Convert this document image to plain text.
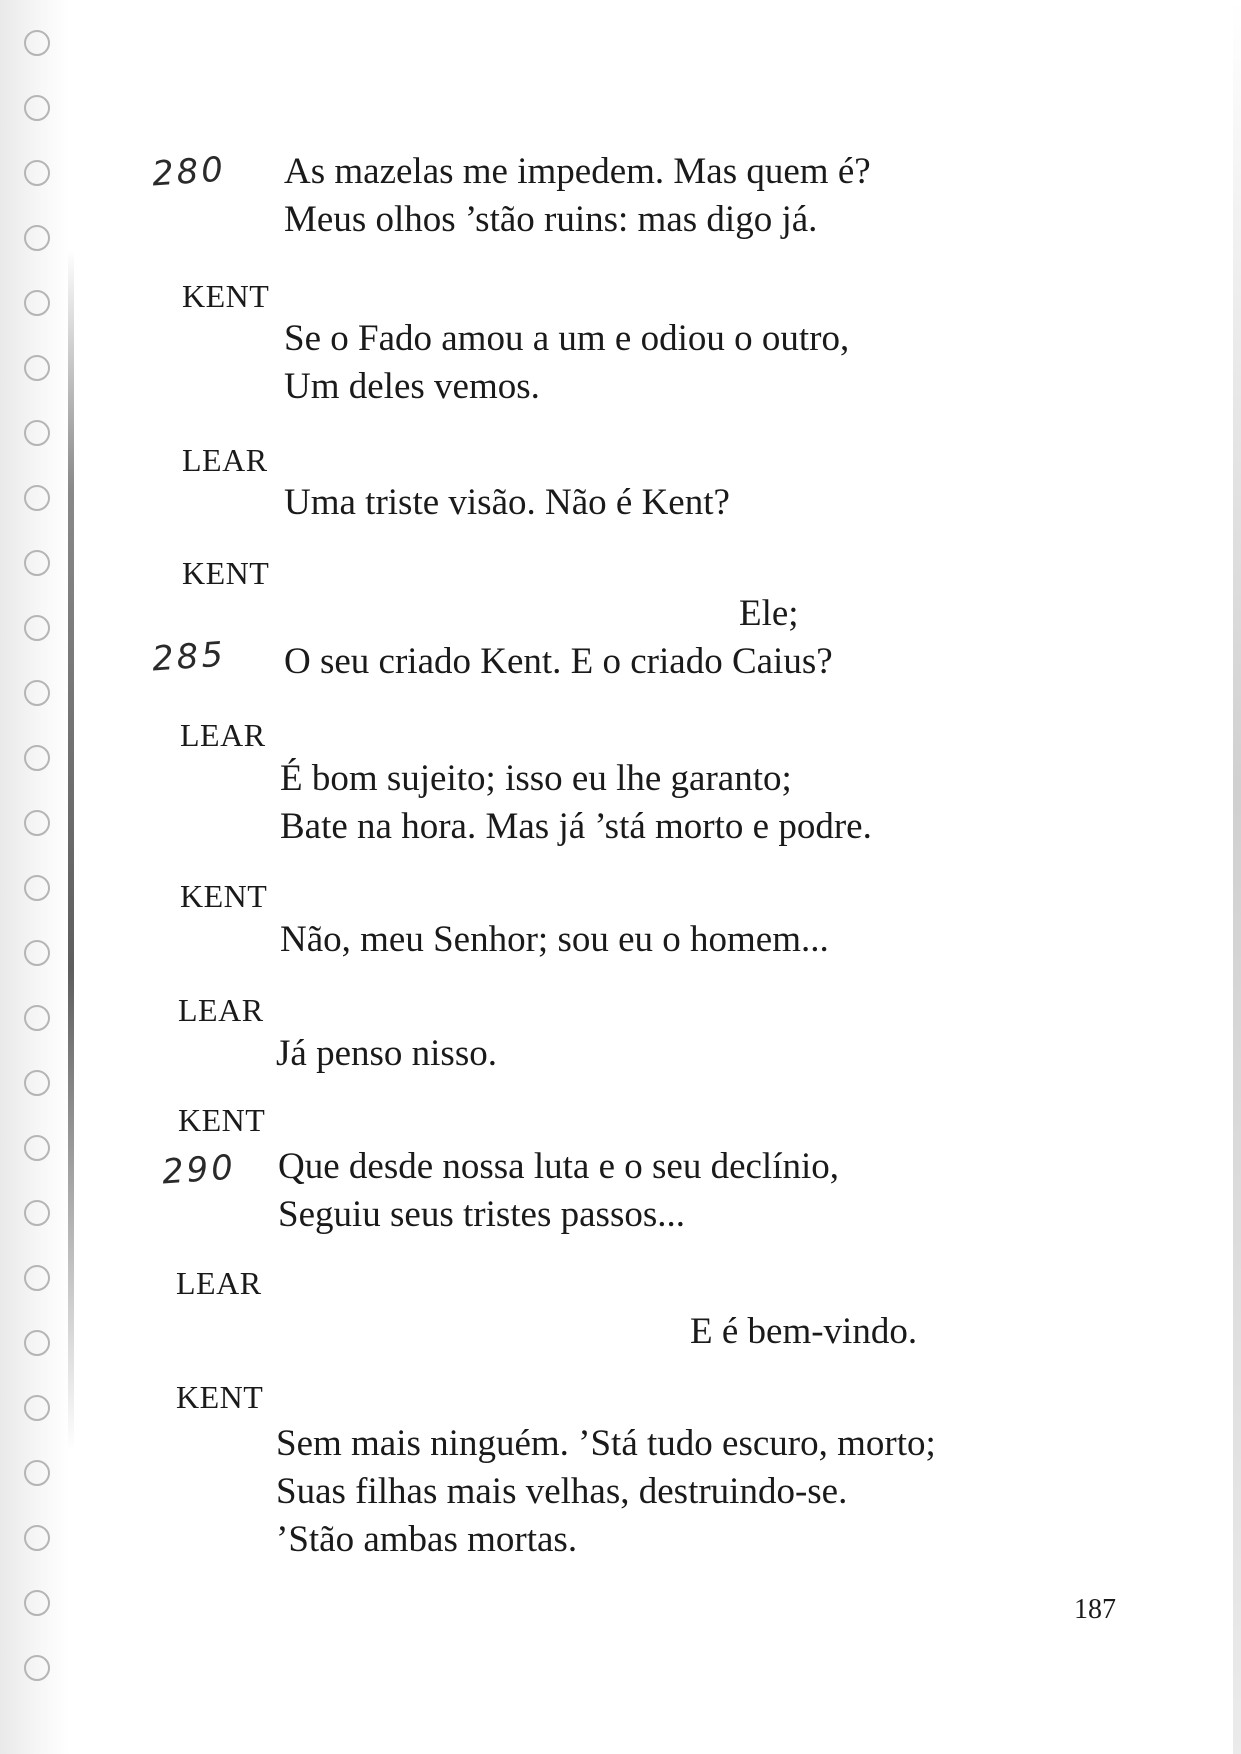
280
285
290
As mazelas me impedem. Mas quem é?
Meus olhos ’stão ruins: mas digo já.
KENT
Se o Fado amou a um e odiou o outro,
Um deles vemos.
LEAR
Uma triste visão. Não é Kent?
KENT
Ele;
O seu criado Kent. E o criado Caius?
LEAR
É bom sujeito; isso eu lhe garanto;
Bate na hora. Mas já ’stá morto e podre.
KENT
Não, meu Senhor; sou eu o homem...
LEAR
Já penso nisso.
KENT
Que desde nossa luta e o seu declínio,
Seguiu seus tristes passos...
LEAR
E é bem-vindo.
KENT
Sem mais ninguém. ’Stá tudo escuro, morto;
Suas filhas mais velhas, destruindo-se.
’Stão ambas mortas.
187
